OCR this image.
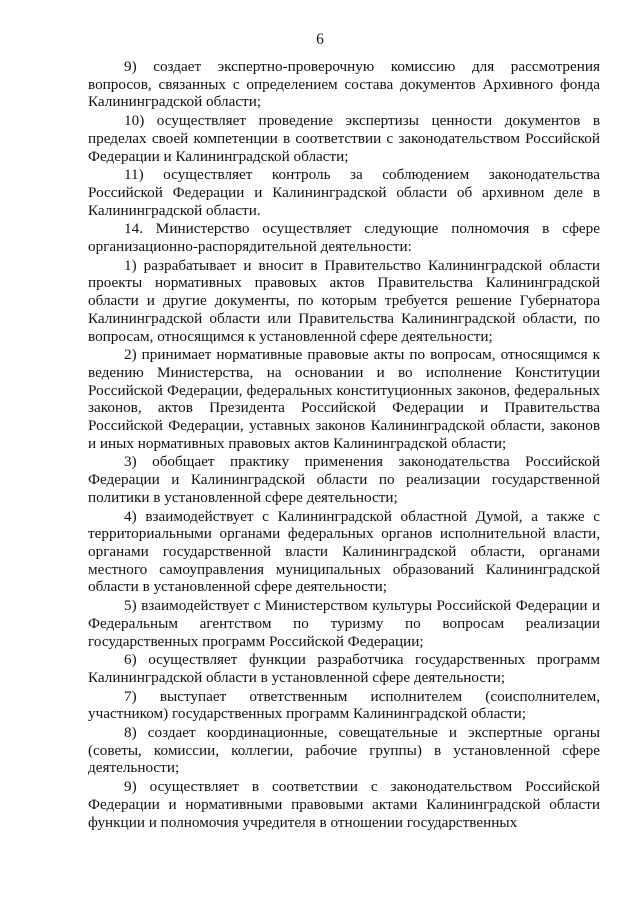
6

9) создает экспертно-проверочную комиссию для рассмотрения вопросов, связанных с определением состава документов Архивного фонда Калининградской области;

10) осуществляет проведение экспертизы ценности документов в пределах своей компетенции в соответствии с законодательством Российской Федерации и Калининградской области;

11) осуществляет контроль за соблюдением законодательства Российской Федерации и Калининградской области об архивном деле в Калининградской области.

14. Министерство осуществляет следующие полномочия в сфере организационно-распорядительной деятельности:

1) разрабатывает и вносит в Правительство Калининградской области проекты нормативных правовых актов Правительства Калининградской области и другие документы, по которым требуется решение Губернатора Калининградской области или Правительства Калининградской области, по вопросам, относящимся к установленной сфере деятельности;

2) принимает нормативные правовые акты по вопросам, относящимся к ведению Министерства, на основании и во исполнение Конституции Российской Федерации, федеральных конституционных законов, федеральных законов, актов Президента Российской Федерации и Правительства Российской Федерации, уставных законов Калининградской области, законов и иных нормативных правовых актов Калининградской области;

3) обобщает практику применения законодательства Российской Федерации и Калининградской области по реализации государственной политики в установленной сфере деятельности;

4) взаимодействует с Калининградской областной Думой, а также с территориальными органами федеральных органов исполнительной власти, органами государственной власти Калининградской области, органами местного самоуправления муниципальных образований Калининградской области в установленной сфере деятельности;

5) взаимодействует с Министерством культуры Российской Федерации и Федеральным агентством по туризму по вопросам реализации государственных программ Российской Федерации;

6) осуществляет функции разработчика государственных программ Калининградской области в установленной сфере деятельности;

7) выступает ответственным исполнителем (соисполнителем, участником) государственных программ Калининградской области;

8) создает координационные, совещательные и экспертные органы (советы, комиссии, коллегии, рабочие группы) в установленной сфере деятельности;

9) осуществляет в соответствии с законодательством Российской Федерации и нормативными правовыми актами Калининградской области функции и полномочия учредителя в отношении государственных
